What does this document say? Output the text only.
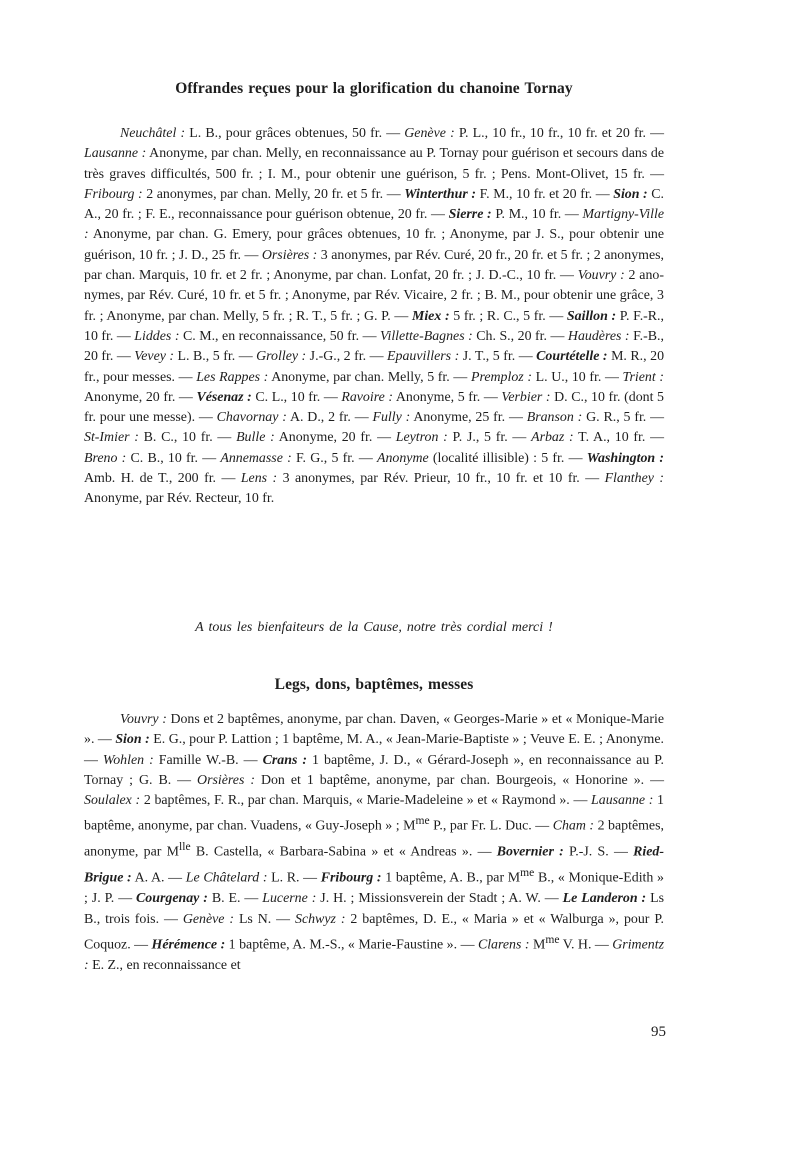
Offrandes reçues pour la glorification du chanoine Tornay

Neuchâtel : L. B., pour grâces obtenues, 50 fr. — Genève : P. L., 10 fr., 10 fr., 10 fr. et 20 fr. — Lausanne : Anonyme, par chan. Melly, en reconnaissance au P. Tornay pour guérison et secours dans de très graves difficultés, 500 fr. ; I. M., pour obtenir une guérison, 5 fr. ; Pens. Mont-Olivet, 15 fr. — Fribourg : 2 anonymes, par chan. Melly, 20 fr. et 5 fr. — Winterthur : F. M., 10 fr. et 20 fr. — Sion : C. A., 20 fr. ; F. E., reconnaissance pour guérison obtenue, 20 fr. — Sierre : P. M., 10 fr. — Martigny-Ville : Anonyme, par chan. G. Emery, pour grâces obtenues, 10 fr. ; Anonyme, par J. S., pour obtenir une guérison, 10 fr. ; J. D., 25 fr. — Orsières : 3 anonymes, par Rév. Curé, 20 fr., 20 fr. et 5 fr. ; 2 anonymes, par chan. Marquis, 10 fr. et 2 fr. ; Anonyme, par chan. Lonfat, 20 fr. ; J. D.-C., 10 fr. — Vouvry : 2 anonymes, par Rév. Curé, 10 fr. et 5 fr. ; Anonyme, par Rév. Vicaire, 2 fr. ; B. M., pour obtenir une grâce, 3 fr. ; Anonyme, par chan. Melly, 5 fr. ; R. T., 5 fr. ; G. P. — Miex : 5 fr. ; R. C., 5 fr. — Saillon : P. F.-R., 10 fr. — Liddes : C. M., en reconnaissance, 50 fr. — Villette-Bagnes : Ch. S., 20 fr. — Haudères : F.-B., 20 fr. — Vevey : L. B., 5 fr. — Grolley : J.-G., 2 fr. — Epauvillers : J. T., 5 fr. — Courtételle : M. R., 20 fr., pour messes. — Les Rappes : Anonyme, par chan. Melly, 5 fr. — Premploz : L. U., 10 fr. — Trient : Anonyme, 20 fr. — Vésenaz : C. L., 10 fr. — Ravoire : Anonyme, 5 fr. — Verbier : D. C., 10 fr. (dont 5 fr. pour une messe). — Chavornay : A. D., 2 fr. — Fully : Anonyme, 25 fr. — Branson : G. R., 5 fr. — St-Imier : B. C., 10 fr. — Bulle : Anonyme, 20 fr. — Leytron : P. J., 5 fr. — Arbaz : T. A., 10 fr. — Breno : C. B., 10 fr. — Annemasse : F. G., 5 fr. — Anonyme (localité illisible) : 5 fr. — Washington : Amb. H. de T., 200 fr. — Lens : 3 anonymes, par Rév. Prieur, 10 fr., 10 fr. et 10 fr. — Flanthey : Anonyme, par Rév. Recteur, 10 fr.

A tous les bienfaiteurs de la Cause, notre très cordial merci !
Legs, dons, baptêmes, messes

Vouvry : Dons et 2 baptêmes, anonyme, par chan. Daven, « Georges-Marie » et « Monique-Marie ». — Sion : E. G., pour P. Lattion ; 1 baptême, M. A., « Jean-Marie-Baptiste » ; Veuve E. E. ; Anonyme. — Wohlen : Famille W.-B. — Crans : 1 baptême, J. D., « Gérard-Joseph », en reconnaissance au P. Tornay ; G. B. — Orsières : Don et 1 baptême, anonyme, par chan. Bourgeois, « Honorine ». — Soulalex : 2 baptêmes, F. R., par chan. Marquis, « Marie-Madeleine » et « Raymond ». — Lausanne : 1 baptême, anonyme, par chan. Vuadens, « Guy-Joseph » ; $M^{me}$ P., par Fr. L. Duc. — Cham : 2 baptêmes, anonyme, par $M^{lle}$ B. Castella, « Barbara-Sabina » et « Andreas ». — Bovernier : P.-J. S. — Ried-Brigue : A. A. — Le Châtelard : L. R. — Fribourg : 1 baptême, A. B., par $M^{me}$ B., « Monique-Edith » ; J. P. — Courgenay : B. E. — Lucerne : J. H. ; Missionsverein der Stadt ; A. W. — Le Landeron : Ls B., trois fois. — Genève : Ls N. — Schwyz : 2 baptêmes, D. E., « Maria » et « Walburga », pour P. Coquoz. — Hérémence : 1 baptême, A. M.-S., « Marie-Faustine ». — Clarens : $M^{me}$ V. H. — Grimentz : E. Z., en reconnaissance et

95
